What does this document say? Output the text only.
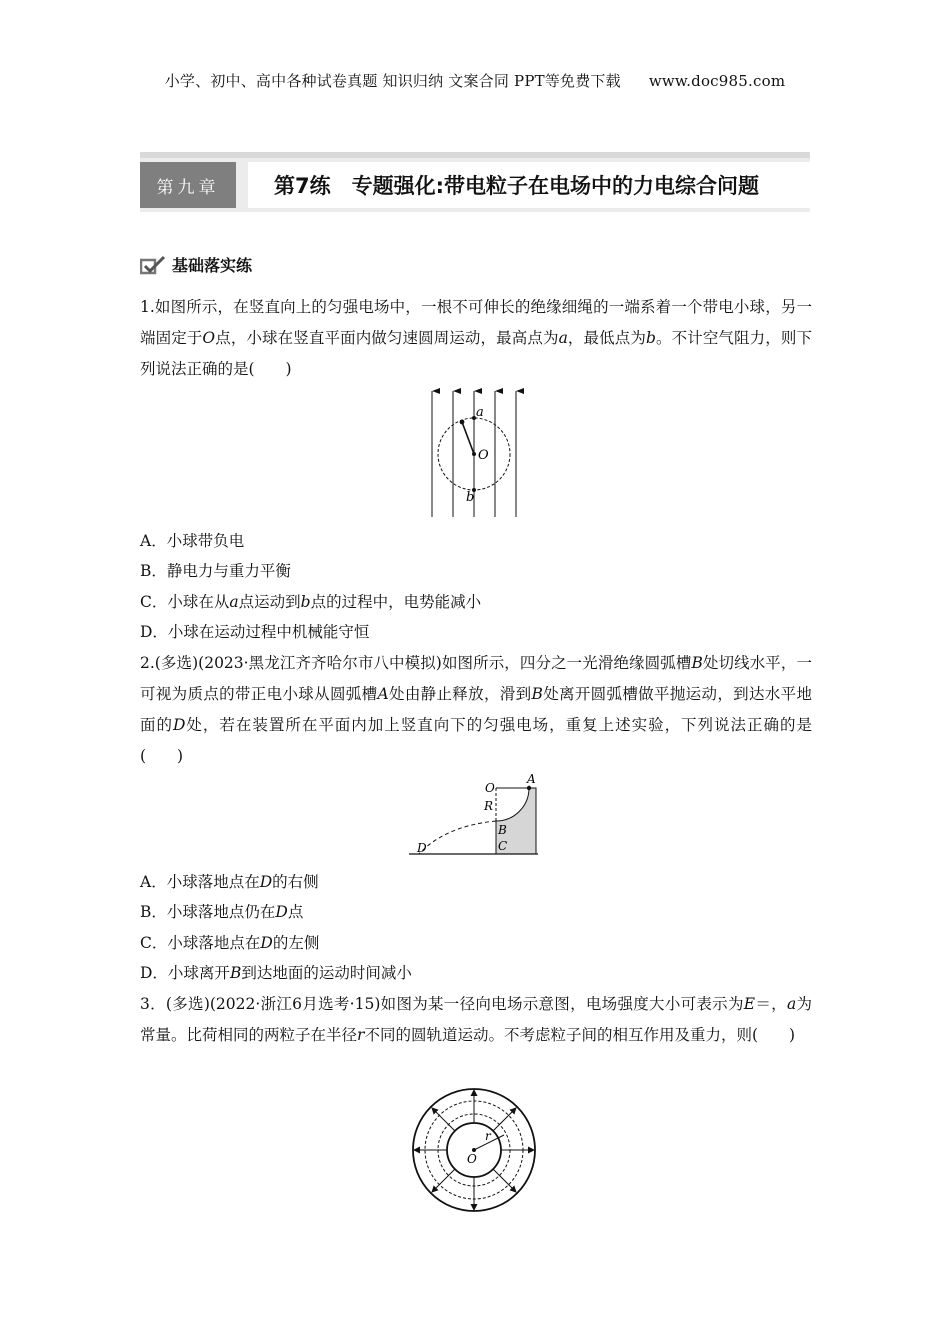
小学、初中、高中各种试卷真题 知识归纳 文案合同 PPT等免费下载 www.doc985.com
第九章	第7练　专题强化:带电粒子在电场中的力电综合问题
基础落实练
1.如图所示，在竖直向上的匀强电场中，一根不可伸长的绝缘细绳的一端系着一个带电小球，另一端固定于O点，小球在竖直平面内做匀速圆周运动，最高点为a，最低点为b。不计空气阻力，则下列说法正确的是(　　)
a
O
b
A．小球带负电
B．静电力与重力平衡
C．小球在从a点运动到b点的过程中，电势能减小
D．小球在运动过程中机械能守恒
2.(多选)(2023·黑龙江齐齐哈尔市八中模拟)如图所示，四分之一光滑绝缘圆弧槽B处切线水平，一可视为质点的带正电小球从圆弧槽A处由静止释放，滑到B处离开圆弧槽做平抛运动，到达水平地面的D处，若在装置所在平面内加上竖直向下的匀强电场，重复上述实验，下列说法正确的是(　　)
O
A
R
B
C
D
A．小球落地点在D的右侧
B．小球落地点仍在D点
C．小球落地点在D的左侧
D．小球离开B到达地面的运动时间减小
3．(多选)(2022·浙江6月选考·15)如图为某一径向电场示意图，电场强度大小可表示为E＝，a为常量。比荷相同的两粒子在半径r不同的圆轨道运动。不考虑粒子间的相互作用及重力，则(　　)
r
O
